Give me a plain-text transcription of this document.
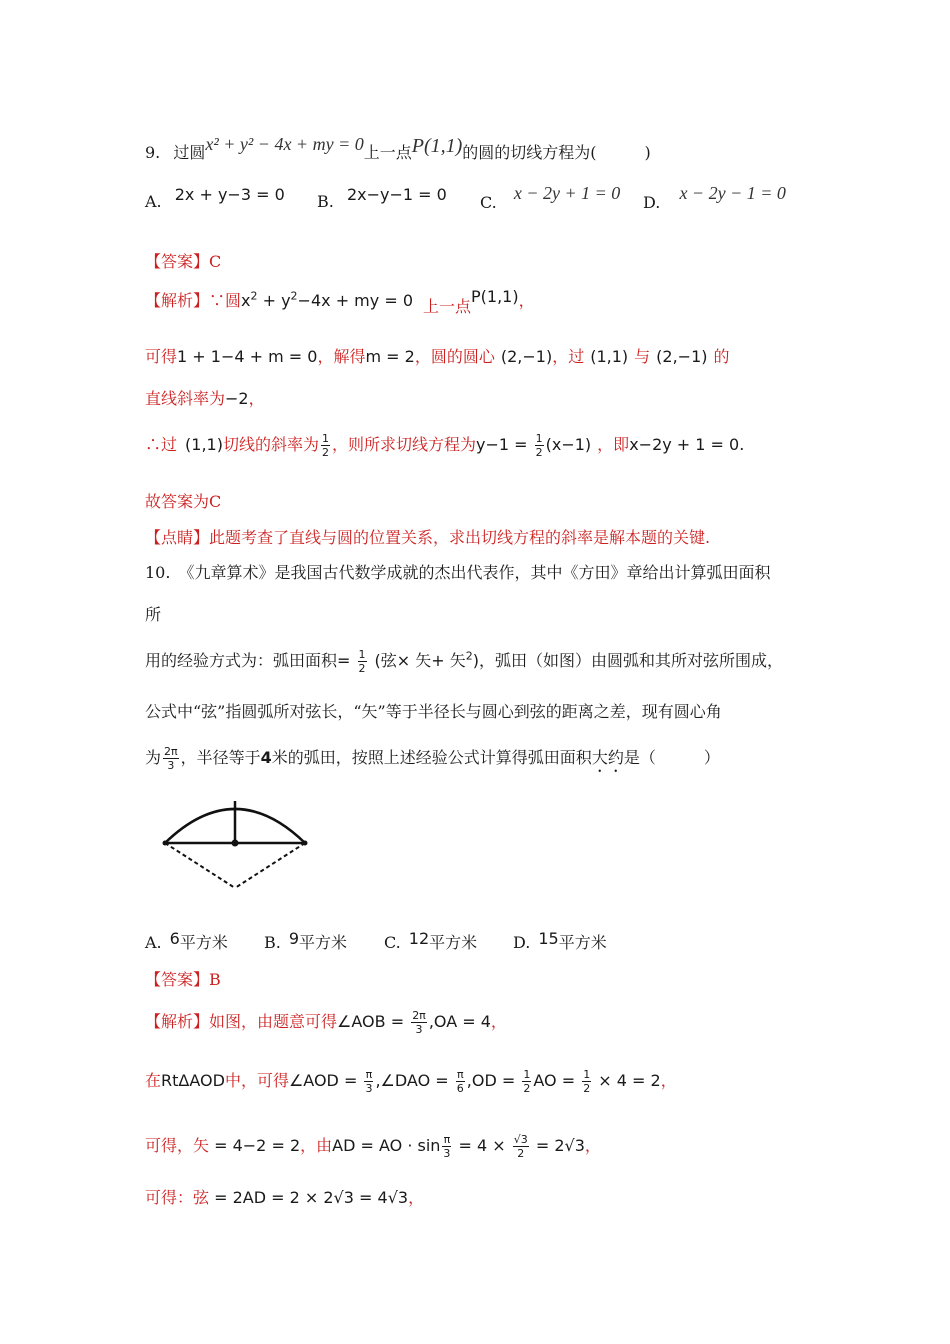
9. 过圆x² + y² − 4x + my = 0上一点P(1,1)的圆的切线方程为(　　　)
A. 2x + y−3 = 0 B. 2x−y−1 = 0 C. x − 2y + 1 = 0 D. x − 2y − 1 = 0
【答案】C
【解析】∵圆$x^2 + y^2-4x$ + my = 0 上一点P(1,1)，
可得1 + 1−4 + m = 0，解得m = 2，圆的圆心 (2,−1)，过 (1,1) 与 (2,−1) 的
直线斜率为−2，
∴过 (1,1)切线的斜率为 $\frac{1}{2}$ ，则所求切线方程为$y-1 = \frac{1}{2} (x-1)$ ，即x−2y + 1 = 0.
故答案为C
【点睛】此题考查了直线与圆的位置关系，求出切线方程的斜率是解本题的关键.
10.　《九章算术》是我国古代数学成就的杰出代表作，其中《方田》章给出计算弧田面积
所
用的经验方式为：弧田面积= $\frac{1}{2}$ (弦× 矢+ 矢$^2$)，弧田（如图）由圆弧和其所对弦所围成，
公式中“弦”指圆弧所对弦长，“矢”等于半径长与圆心到弦的距离之差，现有圆心角
为 $\frac{2\pi}{3}$ ，半径等于4米的弧田，按照上述经验公式计算得弧田面积大约是（　　　）
A. 6平方米 B. 9平方米 C. 12平方米 D. 15平方米
【答案】B
【解析】如图，由题意可得∠AOB = $\frac{2\pi}{3} ,OA = 4$，
在RtΔAOD中，可得∠AOD = $\frac{\pi}{3}$ ,∠DAO = $\frac{\pi}{6} ,OD = \frac{1}{2}$ AO = $\frac{1}{2} \times 4 = 2$，
可得，矢 = 4−2 = 2，由AD = AO · $\sin \frac{\pi}{3} = 4 \times \frac{√3}{2} = 2√3$，
可得：弦 = 2AD = 2 × 2√3 = 4√3，
